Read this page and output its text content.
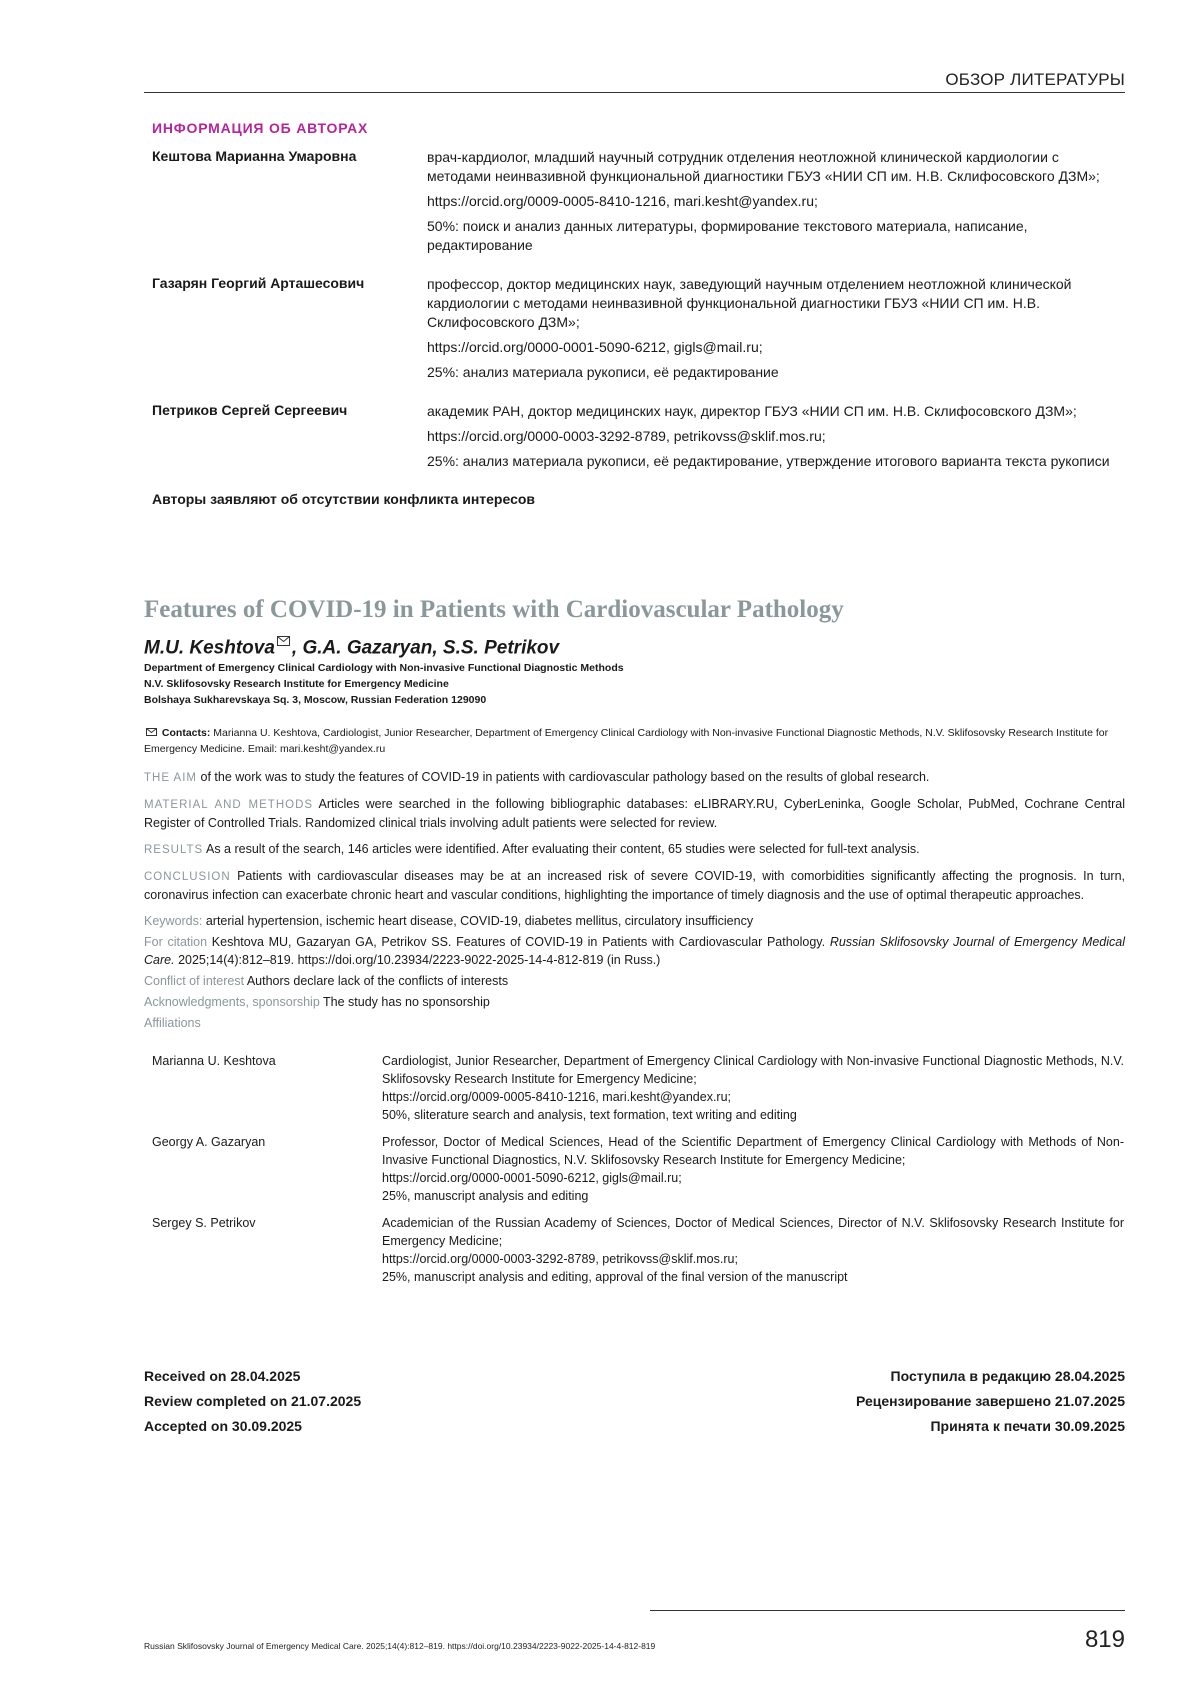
ОБЗОР ЛИТЕРАТУРЫ
ИНФОРМАЦИЯ ОБ АВТОРАХ
Кештова Марианна Умаровна	врач-кардиолог, младший научный сотрудник отделения неотложной клинической кардиологии с методами неинвазивной функциональной диагностики ГБУЗ «НИИ СП им. Н.В. Склифосовского ДЗМ»;

https://orcid.org/0009-0005-8410-1216, mari.kesht@yandex.ru;

50%: поиск и анализ данных литературы, формирование текстового материала, написание, редактирование

Газарян Георгий Арташесович	профессор, доктор медицинских наук, заведующий научным отделением неотложной клинической кардиологии с методами неинвазивной функциональной диагностики ГБУЗ «НИИ СП им. Н.В. Склифосовского ДЗМ»;

https://orcid.org/0000-0001-5090-6212, gigls@mail.ru;

25%: анализ материала рукописи, её редактирование

Петриков Сергей Сергеевич	академик РАН, доктор медицинских наук, директор ГБУЗ «НИИ СП им. Н.В. Склифосовского ДЗМ»;

https://orcid.org/0000-0003-3292-8789, petrikovss@sklif.mos.ru;

25%: анализ материала рукописи, её редактирование, утверждение итогового варианта текста рукописи

Авторы заявляют об отсутствии конфликта интересов
Features of COVID-19 in Patients with Cardiovascular Pathology
M.U. Keshtova , G.A. Gazaryan, S.S. Petrikov
Department of Emergency Clinical Cardiology with Non-invasive Functional Diagnostic Methods
N.V. Sklifosovsky Research Institute for Emergency Medicine
Bolshaya Sukharevskaya Sq. 3, Moscow, Russian Federation 129090
Contacts: Marianna U. Keshtova, Cardiologist, Junior Researcher, Department of Emergency Clinical Cardiology with Non-invasive Functional Diagnostic Methods, N.V. Sklifosovsky Research Institute for Emergency Medicine. Email: mari.kesht@yandex.ru

THE AIM of the work was to study the features of COVID-19 in patients with cardiovascular pathology based on the results of global research.

MATERIAL AND METHODS Articles were searched in the following bibliographic databases: eLIBRARY.RU, CyberLeninka, Google Scholar, PubMed, Cochrane Central Register of Controlled Trials. Randomized clinical trials involving adult patients were selected for review.

RESULTS As a result of the search, 146 articles were identified. After evaluating their content, 65 studies were selected for full-text analysis.

CONCLUSION Patients with cardiovascular diseases may be at an increased risk of severe COVID-19, with comorbidities significantly affecting the prognosis. In turn, coronavirus infection can exacerbate chronic heart and vascular conditions, highlighting the importance of timely diagnosis and the use of optimal therapeutic approaches.

Keywords: arterial hypertension, ischemic heart disease, COVID-19, diabetes mellitus, circulatory insufficiency

For citation Keshtova MU, Gazaryan GA, Petrikov SS. Features of COVID-19 in Patients with Cardiovascular Pathology. Russian Sklifosovsky Journal of Emergency Medical Care. 2025;14(4):812–819. https://doi.org/10.23934/2223-9022-2025-14-4-812-819 (in Russ.)

Conflict of interest Authors declare lack of the conflicts of interests

Acknowledgments, sponsorship The study has no sponsorship

Affiliations

Marianna U. Keshtova	Cardiologist, Junior Researcher, Department of Emergency Clinical Cardiology with Non-invasive Functional Diagnostic Methods, N.V. Sklifosovsky Research Institute for Emergency Medicine;
https://orcid.org/0009-0005-8410-1216, mari.kesht@yandex.ru;
50%, sliterature search and analysis, text formation, text writing and editing
Georgy A. Gazaryan	Professor, Doctor of Medical Sciences, Head of the Scientific Department of Emergency Clinical Cardiology with Methods of Non-Invasive Functional Diagnostics, N.V. Sklifosovsky Research Institute for Emergency Medicine;
https://orcid.org/0000-0001-5090-6212, gigls@mail.ru;
25%, manuscript analysis and editing
Sergey S. Petrikov	Academician of the Russian Academy of Sciences, Doctor of Medical Sciences, Director of N.V. Sklifosovsky Research Institute for Emergency Medicine;
https://orcid.org/0000-0003-3292-8789, petrikovss@sklif.mos.ru;
25%, manuscript analysis and editing, approval of the final version of the manuscript
Received on 28.04.2025
Review completed on 21.07.2025
Accepted on 30.09.2025
Поступила в редакцию 28.04.2025
Рецензирование завершено 21.07.2025
Принята к печати 30.09.2025
Russian Sklifosovsky Journal of Emergency Medical Care. 2025;14(4):812–819. https://doi.org/10.23934/2223-9022-2025-14-4-812-819	819
